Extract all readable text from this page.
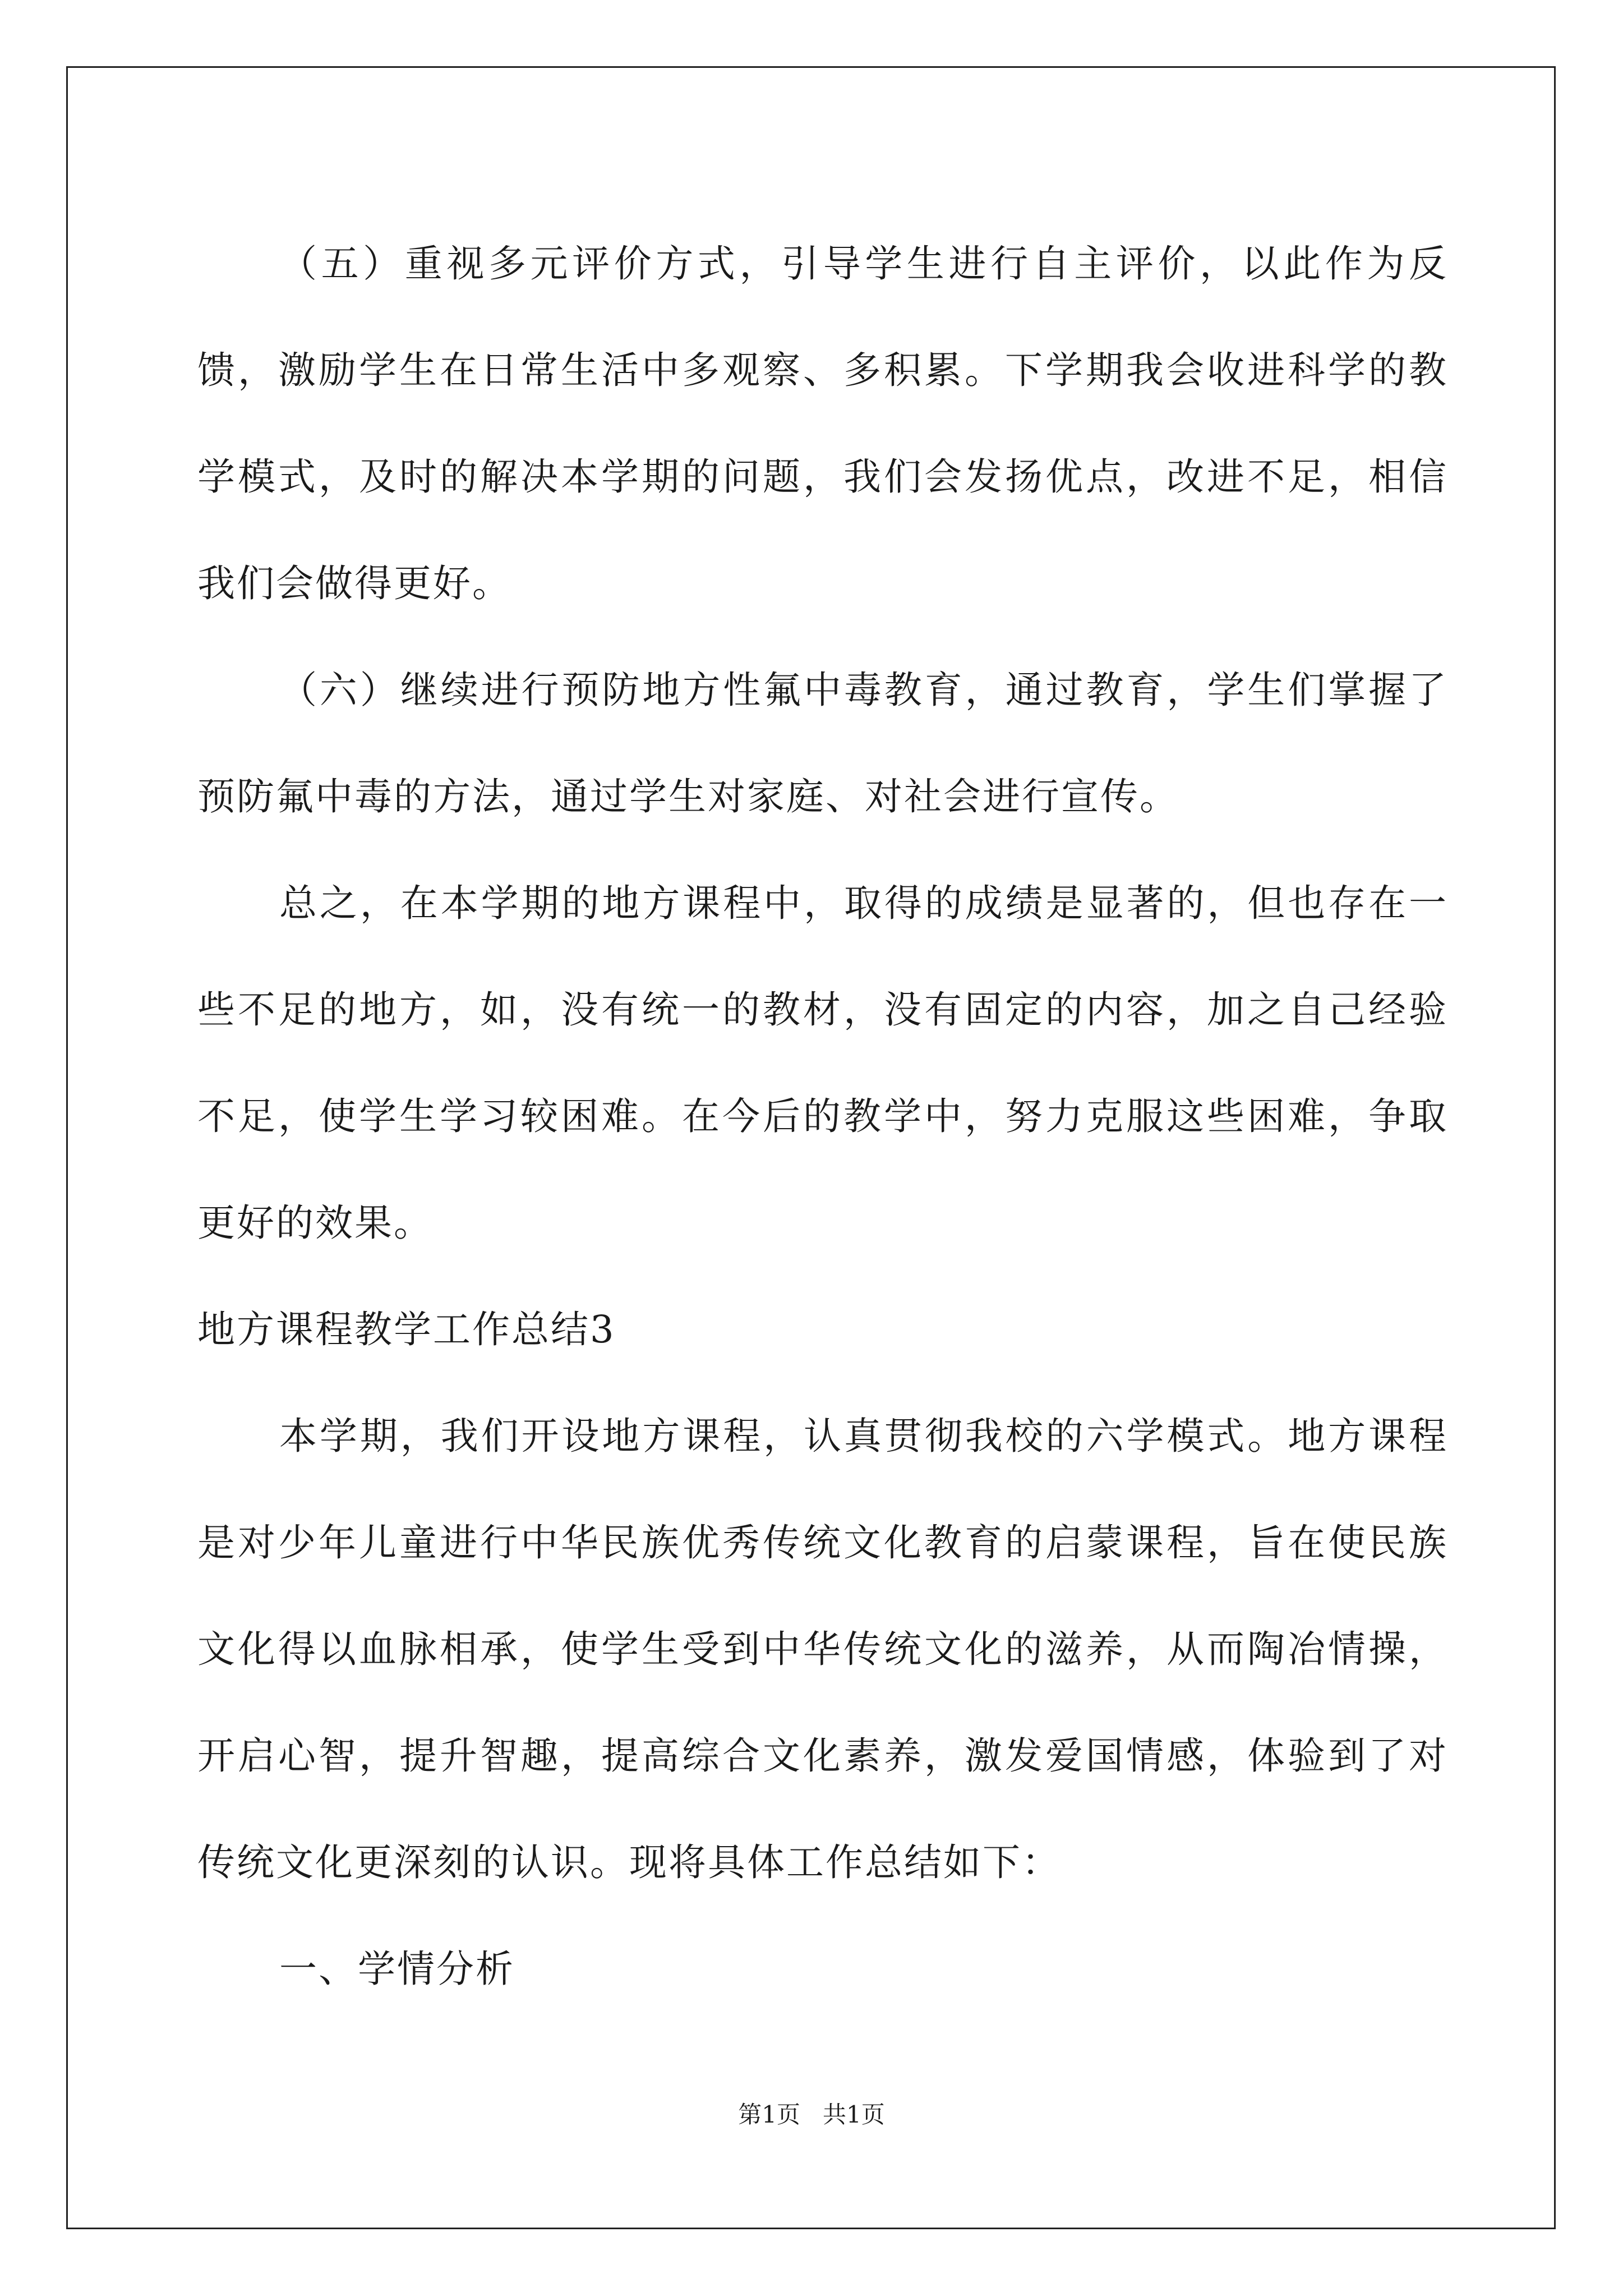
（五）重视多元评价方式，引导学生进行自主评价，以此作为反馈，激励学生在日常生活中多观察、多积累。下学期我会收进科学的教学模式，及时的解决本学期的问题，我们会发扬优点，改进不足，相信我们会做得更好。

（六）继续进行预防地方性氟中毒教育，通过教育，学生们掌握了预防氟中毒的方法，通过学生对家庭、对社会进行宣传。

总之，在本学期的地方课程中，取得的成绩是显著的，但也存在一些不足的地方，如，没有统一的教材，没有固定的内容，加之自己经验不足，使学生学习较困难。在今后的教学中，努力克服这些困难，争取更好的效果。

地方课程教学工作总结3

本学期，我们开设地方课程，认真贯彻我校的六学模式。地方课程是对少年儿童进行中华民族优秀传统文化教育的启蒙课程，旨在使民族文化得以血脉相承，使学生受到中华传统文化的滋养，从而陶冶情操，开启心智，提升智趣，提高综合文化素养，激发爱国情感，体验到了对传统文化更深刻的认识。现将具体工作总结如下：

一、学情分析

第1页 共1页
